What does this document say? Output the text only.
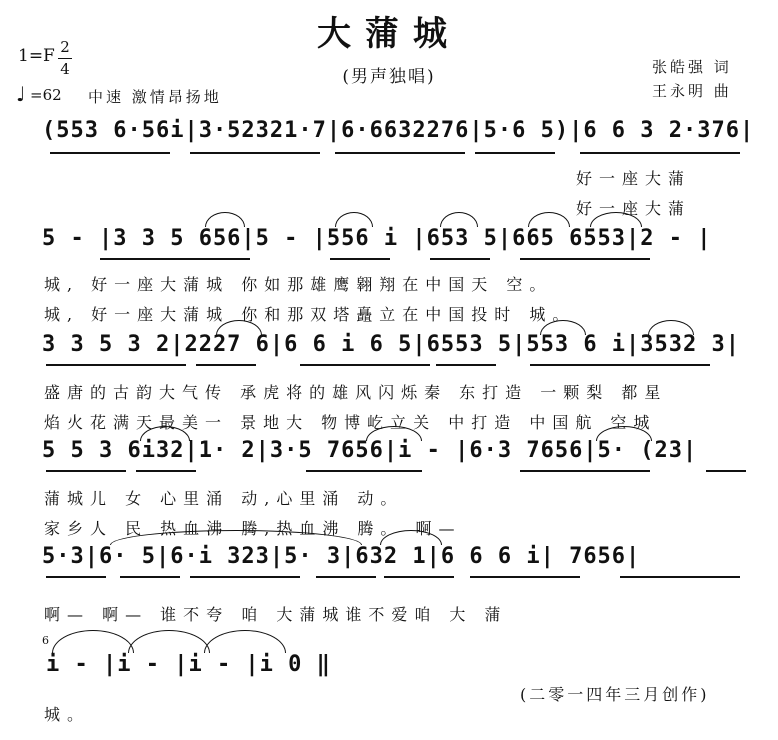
大蒲城
(男声独唱)
1=F 2
4
♩ =62 中速 激情昂扬地
张皓强 词
王永明 曲
(553 6·56i|3·52321·7|6·6632276|5·6 5)|6 6 3 2·376|
好一座大蒲
好一座大蒲
5 - |3 3 5 656|5 - |556 i |653 5|665 6553|2 - |
城, 好一座大蒲城 你如那雄鹰翱翔在中国天 空。
城, 好一座大蒲城 你和那双塔矗立在中国投时 城。
3 3 5 3 2|2227 6|6 6 i 6 5|6553 5|553 6 i|3532 3|
盛唐的古韵大气传 承虎将的雄风闪烁秦 东打造 一颗梨 都星
焰火花满天最美一 景地大 物博屹立关 中打造 中国航 空城
5 5 3 6i32|1· 2|3·5 7656|i - |6·3 7656|5· (23|
蒲城儿 女 心里涌 动,心里涌 动。
家乡人 民 热血沸 腾,热血沸 腾。 啊—
5·3|6· 5|6·i 323|5· 3|632 1|6 6 6 i| 7656|
啊— 啊— 谁不夸 咱 大蒲城谁不爱咱 大 蒲
6
i - |i - |i - |i 0 ‖
城。
(二零一四年三月创作)
